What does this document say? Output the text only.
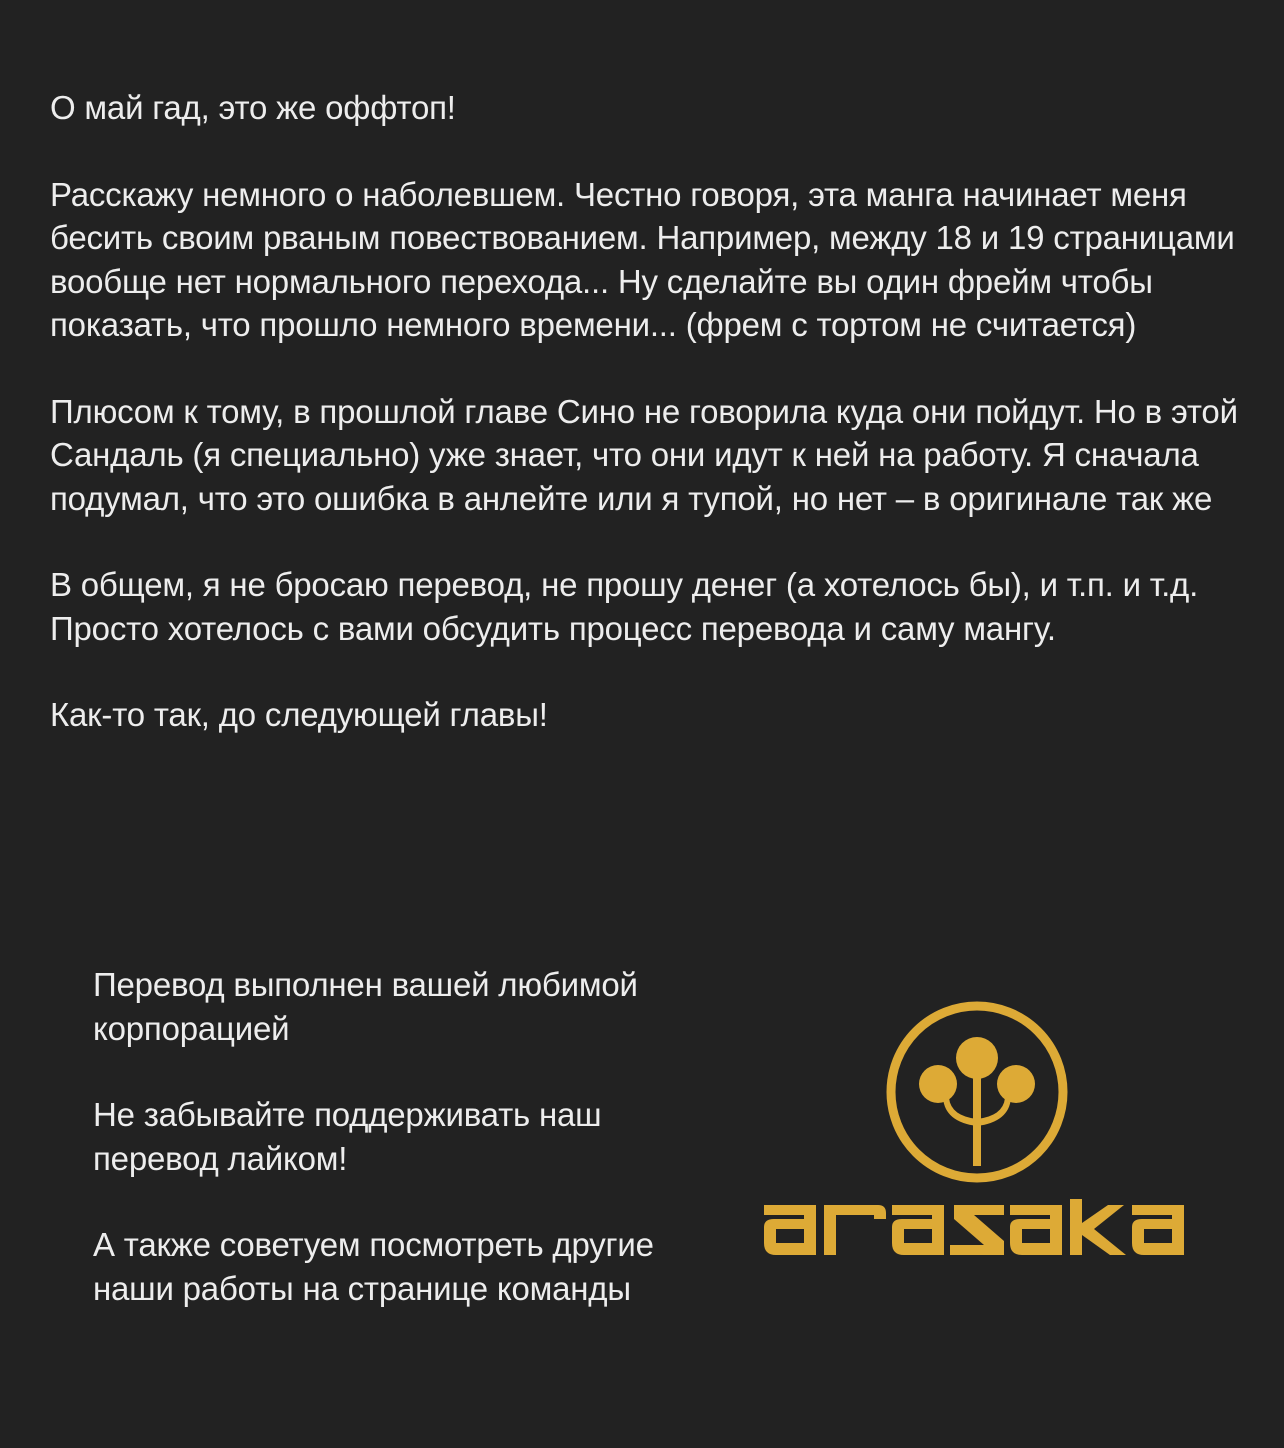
О май гад, это же оффтоп!

Расскажу немного о наболевшем. Честно говоря, эта манга начинает меня бесить своим рваным повествованием. Например, между 18 и 19 страницами вообще нет нормального перехода... Ну сделайте вы один фрейм чтобы показать, что прошло немного времени... (фрем с тортом не считается)

Плюсом к тому, в прошлой главе Сино не говорила куда они пойдут. Но в этой Сандаль (я специально) уже знает, что они идут к ней на работу. Я сначала подумал, что это ошибка в анлейте или я тупой, но нет – в оригинале так же

В общем, я не бросаю перевод, не прошу денег (а хотелось бы), и т.п. и т.д. Просто хотелось с вами обсудить процесс перевода и саму мангу.

Как-то так, до следующей главы!

Перевод выполнен вашей любимой корпорацией

Не забывайте поддерживать наш перевод лайком!

А также советуем посмотреть другие наши работы на странице команды
